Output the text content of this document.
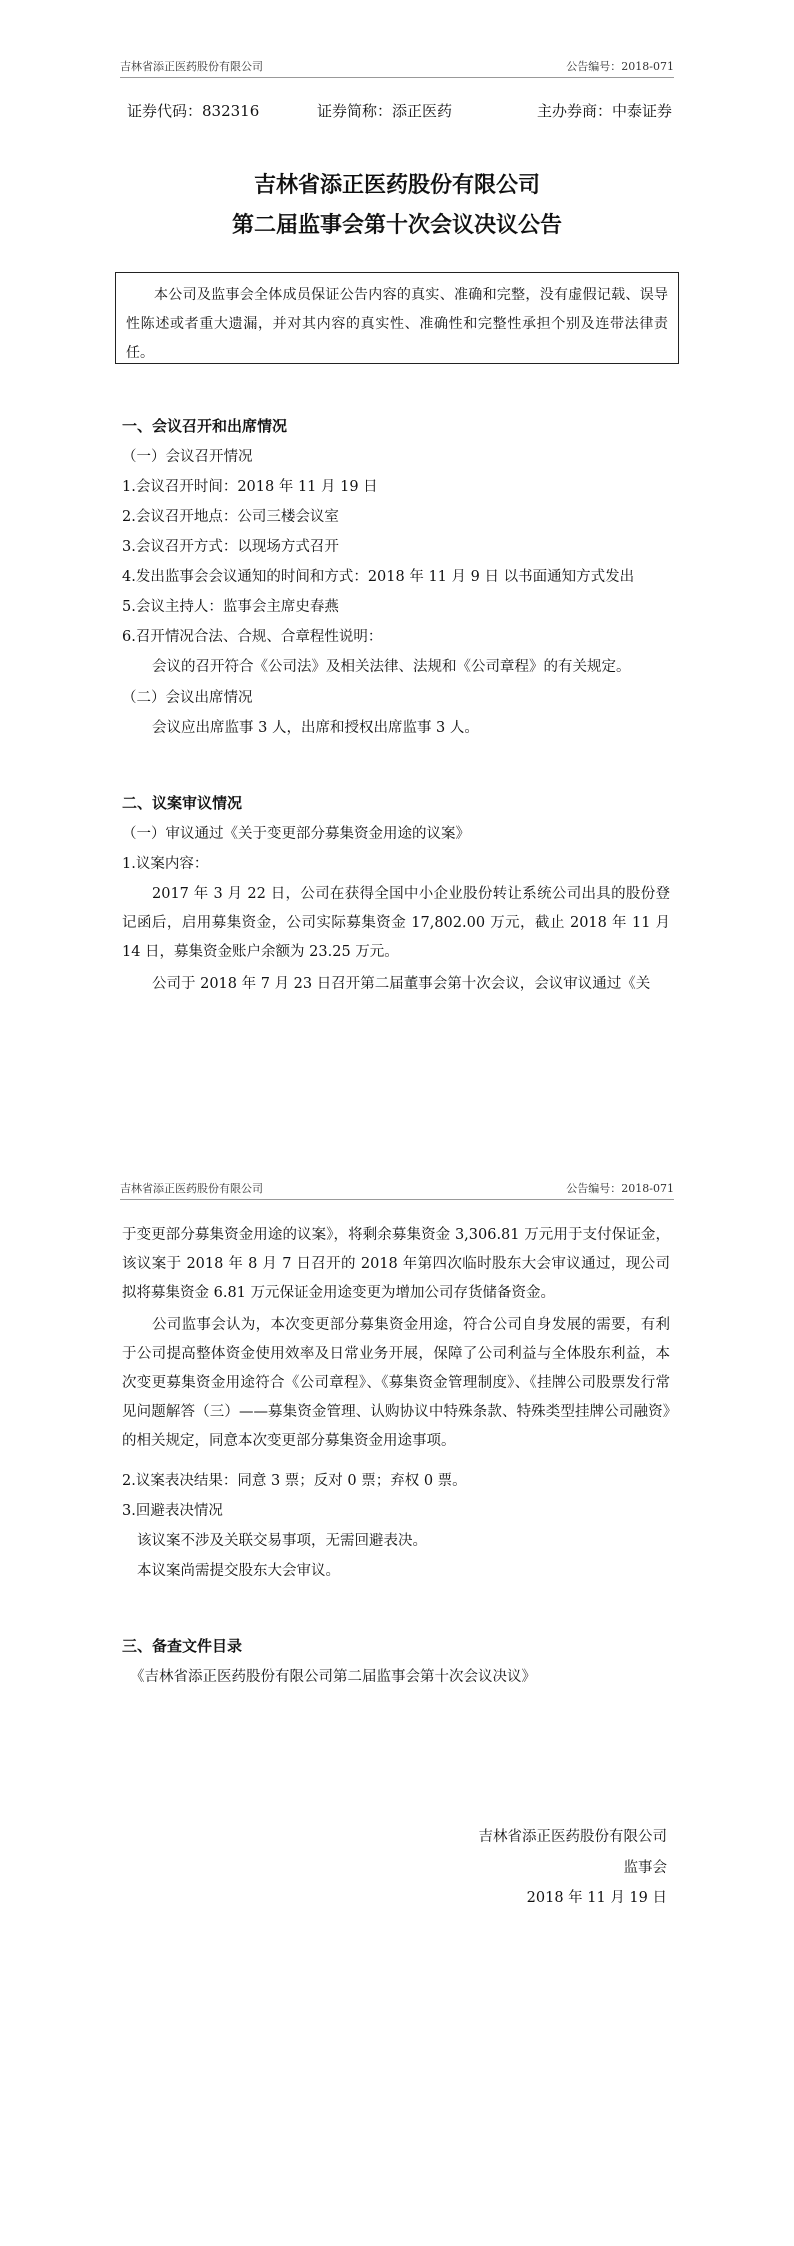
吉林省添正医药股份有限公司	公告编号：2018-071
证券代码：832316	证券简称：添正医药	主办券商：中泰证券
吉林省添正医药股份有限公司
第二届监事会第十次会议决议公告
本公司及监事会全体成员保证公告内容的真实、准确和完整，没有虚假记载、误导性陈述或者重大遗漏，并对其内容的真实性、准确性和完整性承担个别及连带法律责任。
一、会议召开和出席情况
（一）会议召开情况
1.会议召开时间：2018 年 11 月 19 日
2.会议召开地点：公司三楼会议室
3.会议召开方式：以现场方式召开
4.发出监事会会议通知的时间和方式：2018 年 11 月 9 日 以书面通知方式发出
5.会议主持人：监事会主席史春燕
6.召开情况合法、合规、合章程性说明：
会议的召开符合《公司法》及相关法律、法规和《公司章程》的有关规定。
（二）会议出席情况
会议应出席监事 3 人，出席和授权出席监事 3 人。
二、议案审议情况
（一）审议通过《关于变更部分募集资金用途的议案》
1.议案内容：
2017 年 3 月 22 日，公司在获得全国中小企业股份转让系统公司出具的股份登记函后，启用募集资金，公司实际募集资金 17,802.00 万元，截止 2018 年 11 月 14 日，募集资金账户余额为 23.25 万元。
公司于 2018 年 7 月 23 日召开第二届董事会第十次会议，会议审议通过《关
吉林省添正医药股份有限公司	公告编号：2018-071
于变更部分募集资金用途的议案》，将剩余募集资金 3,306.81 万元用于支付保证金，该议案于 2018 年 8 月 7 日召开的 2018 年第四次临时股东大会审议通过，现公司拟将募集资金 6.81 万元保证金用途变更为增加公司存货储备资金。
公司监事会认为，本次变更部分募集资金用途，符合公司自身发展的需要，有利于公司提高整体资金使用效率及日常业务开展，保障了公司利益与全体股东利益，本次变更募集资金用途符合《公司章程》、《募集资金管理制度》、《挂牌公司股票发行常见问题解答（三）——募集资金管理、认购协议中特殊条款、特殊类型挂牌公司融资》的相关规定，同意本次变更部分募集资金用途事项。
2.议案表决结果：同意 3 票；反对 0 票；弃权 0 票。
3.回避表决情况
该议案不涉及关联交易事项，无需回避表决。
本议案尚需提交股东大会审议。
三、备查文件目录
《吉林省添正医药股份有限公司第二届监事会第十次会议决议》
吉林省添正医药股份有限公司
监事会
2018 年 11 月 19 日
